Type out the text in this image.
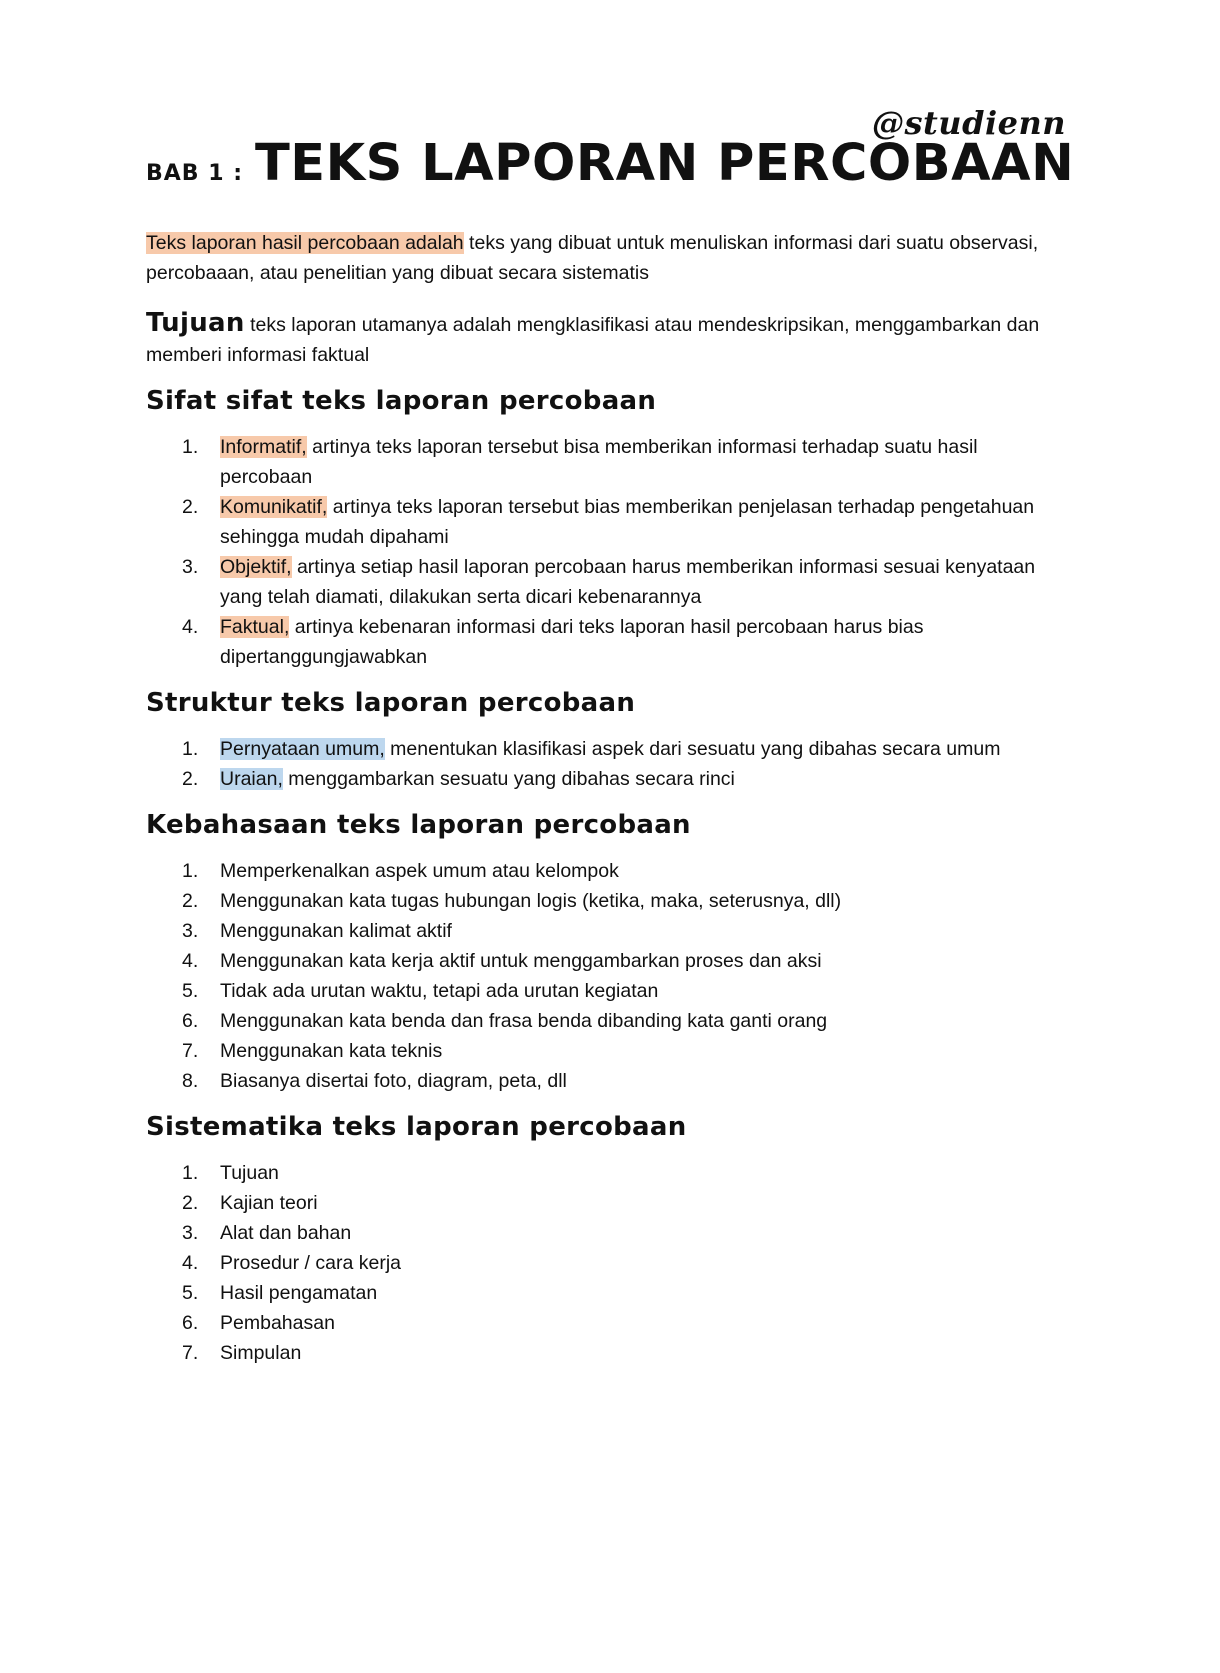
@studienn
BAB 1 : TEKS LAPORAN PERCOBAAN

Teks laporan hasil percobaan adalah teks yang dibuat untuk menuliskan informasi dari suatu observasi, percobaaan, atau penelitian yang dibuat secara sistematis

Tujuan teks laporan utamanya adalah mengklasifikasi atau mendeskripsikan, menggambarkan dan memberi informasi faktual

Sifat sifat teks laporan percobaan
1. Informatif, artinya teks laporan tersebut bisa memberikan informasi terhadap suatu hasil percobaan
2. Komunikatif, artinya teks laporan tersebut bias memberikan penjelasan terhadap pengetahuan sehingga mudah dipahami
3. Objektif, artinya setiap hasil laporan percobaan harus memberikan informasi sesuai kenyataan yang telah diamati, dilakukan serta dicari kebenarannya
4. Faktual, artinya kebenaran informasi dari teks laporan hasil percobaan harus bias dipertanggungjawabkan
Struktur teks laporan percobaan
1. Pernyataan umum, menentukan klasifikasi aspek dari sesuatu yang dibahas secara umum
2. Uraian, menggambarkan sesuatu yang dibahas secara rinci
Kebahasaan teks laporan percobaan
1. Memperkenalkan aspek umum atau kelompok
2. Menggunakan kata tugas hubungan logis (ketika, maka, seterusnya, dll)
3. Menggunakan kalimat aktif
4. Menggunakan kata kerja aktif untuk menggambarkan proses dan aksi
5. Tidak ada urutan waktu, tetapi ada urutan kegiatan
6. Menggunakan kata benda dan frasa benda dibanding kata ganti orang
7. Menggunakan kata teknis
8. Biasanya disertai foto, diagram, peta, dll
Sistematika teks laporan percobaan
1. Tujuan
2. Kajian teori
3. Alat dan bahan
4. Prosedur / cara kerja
5. Hasil pengamatan
6. Pembahasan
7. Simpulan
